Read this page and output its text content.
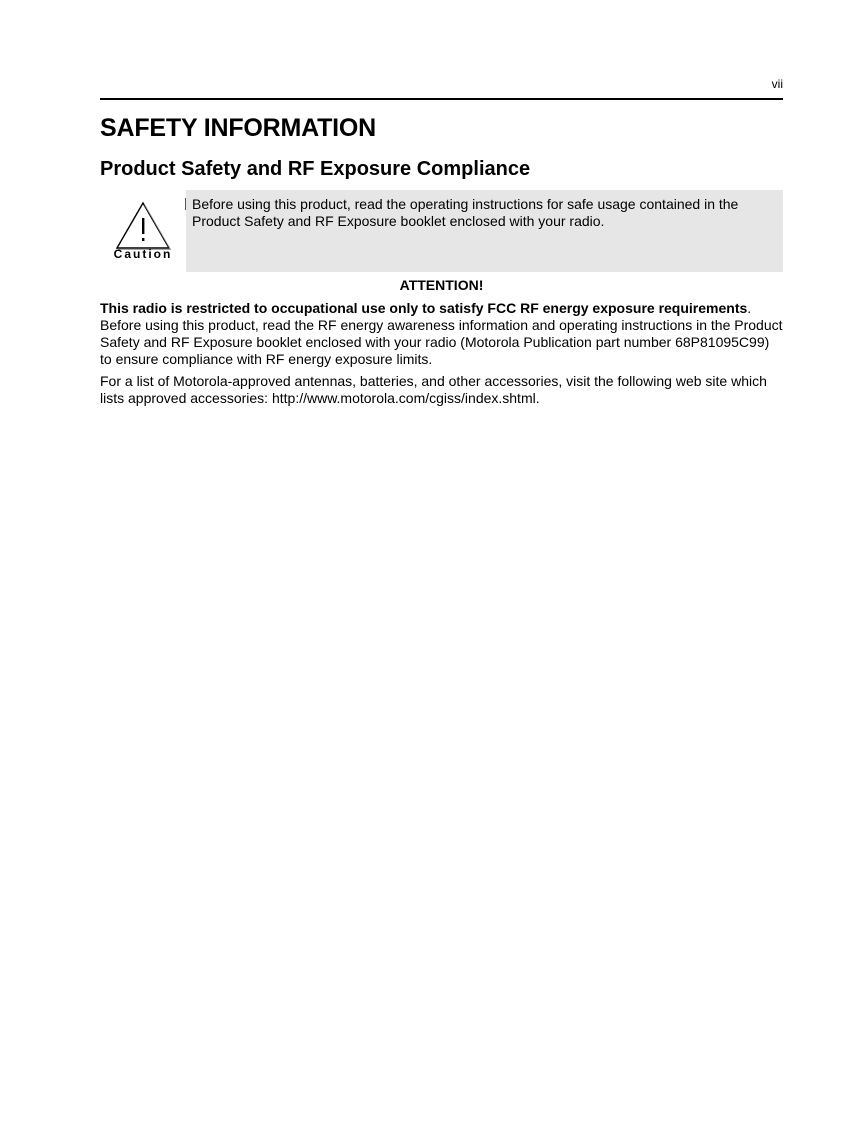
vii
SAFETY INFORMATION
Product Safety and RF Exposure Compliance
Caution
Before using this product, read the operating instructions for safe usage contained in the Product Safety and RF Exposure booklet enclosed with your radio.
ATTENTION!
This radio is restricted to occupational use only to satisfy FCC RF energy exposure requirements. Before using this product, read the RF energy awareness information and operating instructions in the Product Safety and RF Exposure booklet enclosed with your radio (Motorola Publication part number 68P81095C99) to ensure compliance with RF energy exposure limits.
For a list of Motorola-approved antennas, batteries, and other accessories, visit the following web site which lists approved accessories: http://www.motorola.com/cgiss/index.shtml.
